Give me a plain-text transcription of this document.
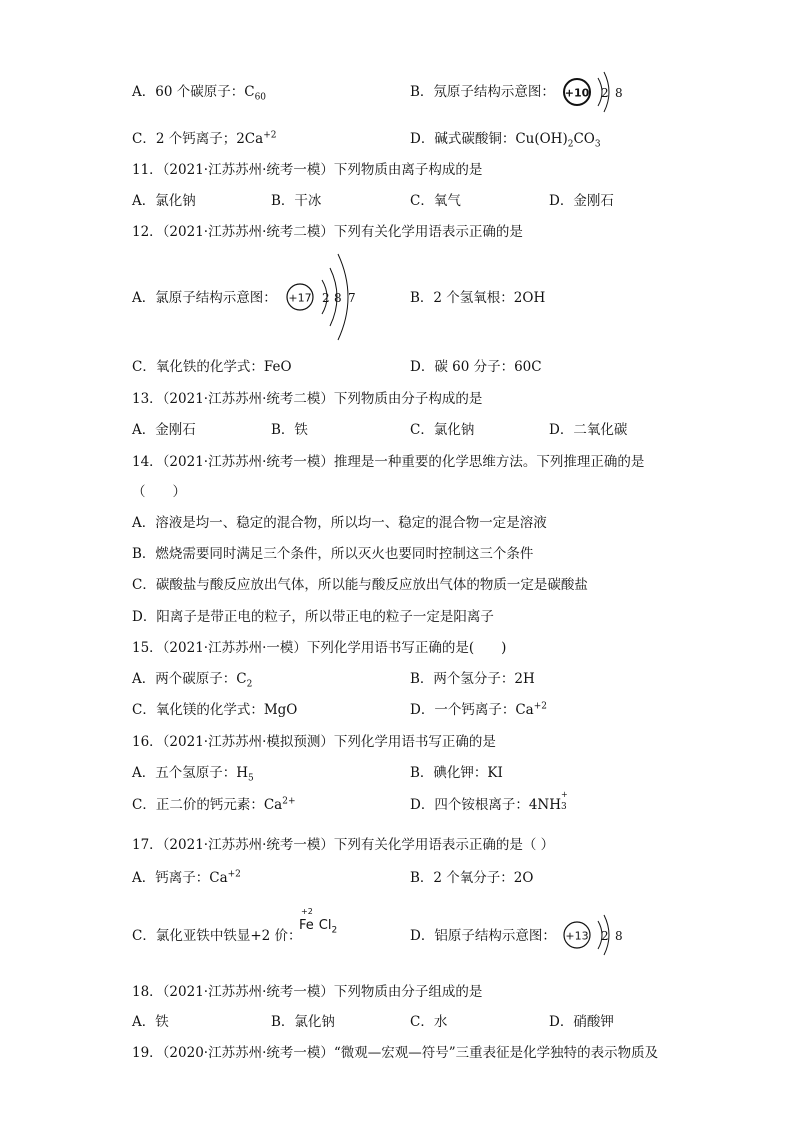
A．60 个碳原子：$C_{60}$	B．氖原子结构示意图： +10 2 8
C．2 个钙离子；$2Ca^{+2}$	D．碱式碳酸铜：$Cu(OH)_2CO_3$
11．（2021·江苏苏州·统考一模）下列物质由离子构成的是
A．氯化钠	B．干冰	C．氧气	D．金刚石
12．（2021·江苏苏州·统考二模）下列有关化学用语表示正确的是
A．氯原子结构示意图： +17 2 8 7	B．2 个氢氧根：2OH
C．氧化铁的化学式：FeO	D．碳 60 分子：60C
13．（2021·江苏苏州·统考二模）下列物质由分子构成的是
A．金刚石	B．铁	C．氯化钠	D．二氧化碳
14．（2021·江苏苏州·统考一模）推理是一种重要的化学思维方法。下列推理正确的是
（　　）
A．溶液是均一、稳定的混合物，所以均一、稳定的混合物一定是溶液
B．燃烧需要同时满足三个条件，所以灭火也要同时控制这三个条件
C．碳酸盐与酸反应放出气体，所以能与酸反应放出气体的物质一定是碳酸盐
D．阳离子是带正电的粒子，所以带正电的粒子一定是阳离子
15．（2021·江苏苏州·一模）下列化学用语书写正确的是(　　)
A．两个碳原子：$C_2$	B．两个氢分子：2H
C．氧化镁的化学式：MgO	D．一个钙离子：$Ca^{+2}$
16．（2021·江苏苏州·模拟预测）下列化学用语书写正确的是
A．五个氢原子：$H_5$	B．碘化钾：KI
C．正二价的钙元素：$Ca^{2+}$	D．四个铵根离子：4NH
+
3
17．（2021·江苏苏州·统考一模）下列有关化学用语表示正确的是（ ）
A．钙离子：$Ca^{+2}$	B．2 个氧分子：2O
C．氯化亚铁中铁显+2 价：
+2
Fe $Cl_2$	D．铝原子结构示意图： +13 2 8
18．（2021·江苏苏州·统考一模）下列物质由分子组成的是
A．铁	B．氯化钠	C．水	D．硝酸钾
19．（2020·江苏苏州·统考一模）“微观—宏观—符号”三重表征是化学独特的表示物质及
